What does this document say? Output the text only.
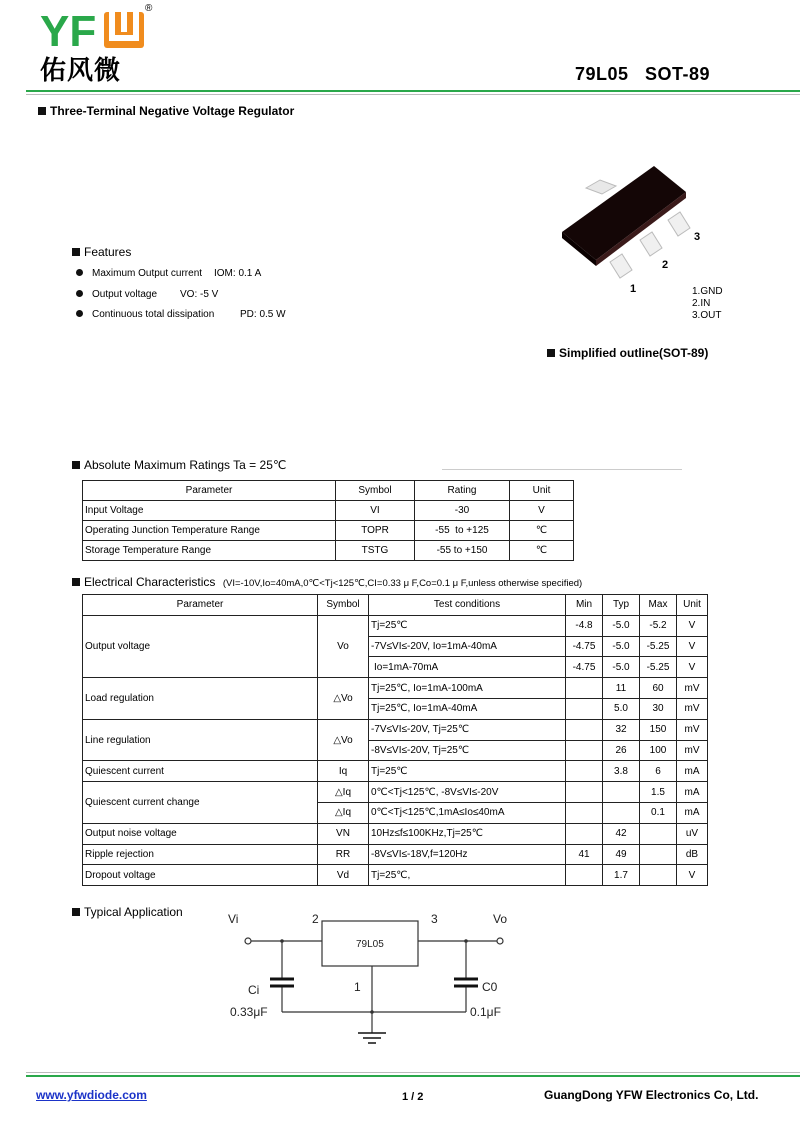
YF	®
佑风微	79L05   SOT-89
Three-Terminal Negative Voltage Regulator
Features
Maximum Output current IOM: 0.1 A
Output voltage VO: -5 V
Continuous total dissipation	PD: 0.5 W
1
2
3
1.GND
2.IN
3.OUT
Simplified outline(SOT-89)
Absolute Maximum Ratings Ta = 25℃
Parameter	Symbol	Rating	Unit
Input Voltage	VI	-30	V
Operating Junction Temperature Range	TOPR	-55  to +125	℃
Storage Temperature Range	TSTG	-55 to +150	℃
Electrical Characteristics (VI=-10V,Io=40mA,0℃<Tj<125℃,CI=0.33 μ F,Co=0.1 μ F,unless otherwise specified)
Parameter	Symbol	Test conditions	Min	Typ	Max	Unit
Output voltage	Vo	Tj=25℃	-4.8	-5.0	-5.2	V
		-7V≤VI≤-20V, Io=1mA-40mA	-4.75	-5.0	-5.25	V
		Io=1mA-70mA	-4.75	-5.0	-5.25	V
Load regulation	△Vo	Tj=25℃, Io=1mA-100mA		11	60	mV
		Tj=25℃, Io=1mA-40mA		5.0	30	mV
Line regulation	△Vo	-7V≤VI≤-20V, Tj=25℃		32	150	mV
		-8V≤VI≤-20V, Tj=25℃		26	100	mV
Quiescent current	Iq	Tj=25℃		3.8	6	mA
Quiescent current change	△Iq	0℃<Tj<125℃, -8V≤VI≤-20V			1.5	mA
	△Iq	0℃<Tj<125℃,1mA≤Io≤40mA			0.1	mA
Output noise voltage	VN	10Hz≤f≤100KHz,Tj=25℃		42		uV
Ripple rejection	RR	-8V≤VI≤-18V,f=120Hz	41	49		dB
Dropout voltage	Vd	Tj=25℃,		1.7		V
Typical Application	Vi	2	3	Vo
79L05
1
Ci
0.33μF
C0
0.1μF
www.yfwdiode.com	1 / 2	GuangDong YFW Electronics Co, Ltd.
